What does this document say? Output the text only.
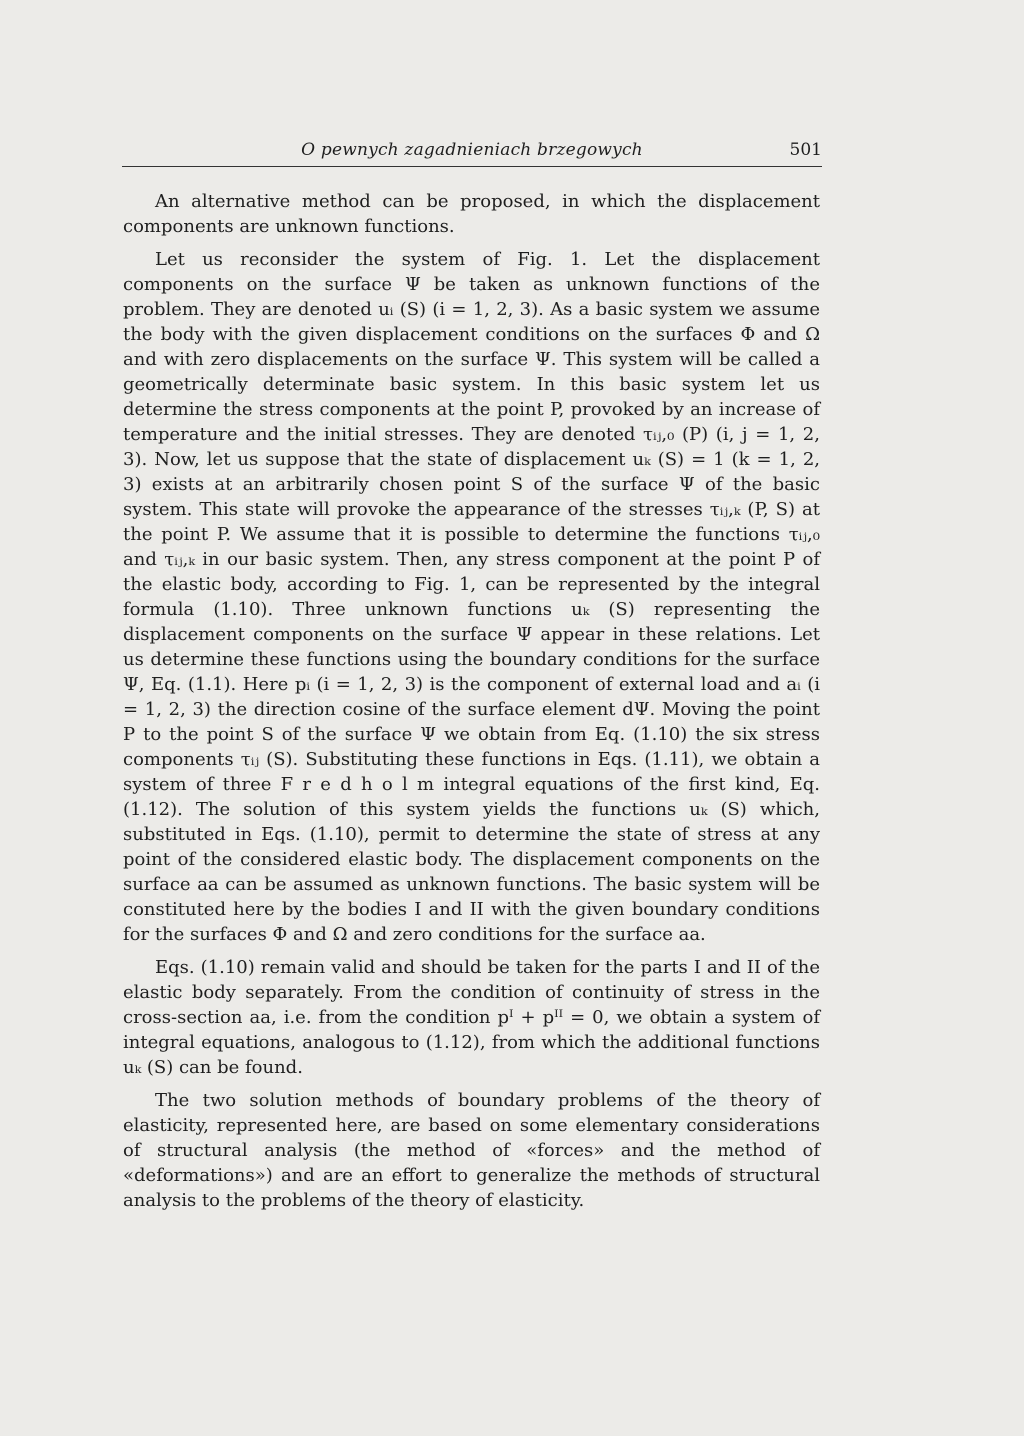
O pewnych zagadnieniach brzegowych	501

An alternative method can be proposed, in which the displacement components are unknown functions.

Let us reconsider the system of Fig. 1. Let the displacement components on the surface Ψ be taken as unknown functions of the problem. They are denoted uᵢ (S) (i = 1, 2, 3). As a basic system we assume the body with the given displacement conditions on the surfaces Φ and Ω and with zero displacements on the surface Ψ. This system will be called a geometrically determinate basic system. In this basic system let us determine the stress components at the point P, provoked by an increase of temperature and the initial stresses. They are denoted τᵢⱼ,₀ (P) (i, j = 1, 2, 3). Now, let us suppose that the state of displacement uₖ (S) = 1 (k = 1, 2, 3) exists at an arbitrarily chosen point S of the surface Ψ of the basic system. This state will provoke the appearance of the stresses τᵢⱼ,ₖ (P, S) at the point P. We assume that it is possible to determine the functions τᵢⱼ,₀ and τᵢⱼ,ₖ in our basic system. Then, any stress component at the point P of the elastic body, according to Fig. 1, can be represented by the integral formula (1.10). Three unknown functions uₖ (S) representing the displacement components on the surface Ψ appear in these relations. Let us determine these functions using the boundary conditions for the surface Ψ, Eq. (1.1). Here pᵢ (i = 1, 2, 3) is the component of external load and aᵢ (i = 1, 2, 3) the direction cosine of the surface element dΨ. Moving the point P to the point S of the surface Ψ we obtain from Eq. (1.10) the six stress components τᵢⱼ (S). Substituting these functions in Eqs. (1.11), we obtain a system of three F r e d h o l m integral equations of the first kind, Eq. (1.12). The solution of this system yields the functions uₖ (S) which, substituted in Eqs. (1.10), permit to determine the state of stress at any point of the considered elastic body. The displacement components on the surface aa can be assumed as unknown functions. The basic system will be constituted here by the bodies I and II with the given boundary conditions for the surfaces Φ and Ω and zero conditions for the surface aa.

Eqs. (1.10) remain valid and should be taken for the parts I and II of the elastic body separately. From the condition of continuity of stress in the cross-section aa, i.e. from the condition pᴵ + pᴵᴵ = 0, we obtain a system of integral equations, analogous to (1.12), from which the additional functions uₖ (S) can be found.

The two solution methods of boundary problems of the theory of elasticity, represented here, are based on some elementary considerations of structural analysis (the method of «forces» and the method of «deformations») and are an effort to generalize the methods of structural analysis to the problems of the theory of elasticity.
